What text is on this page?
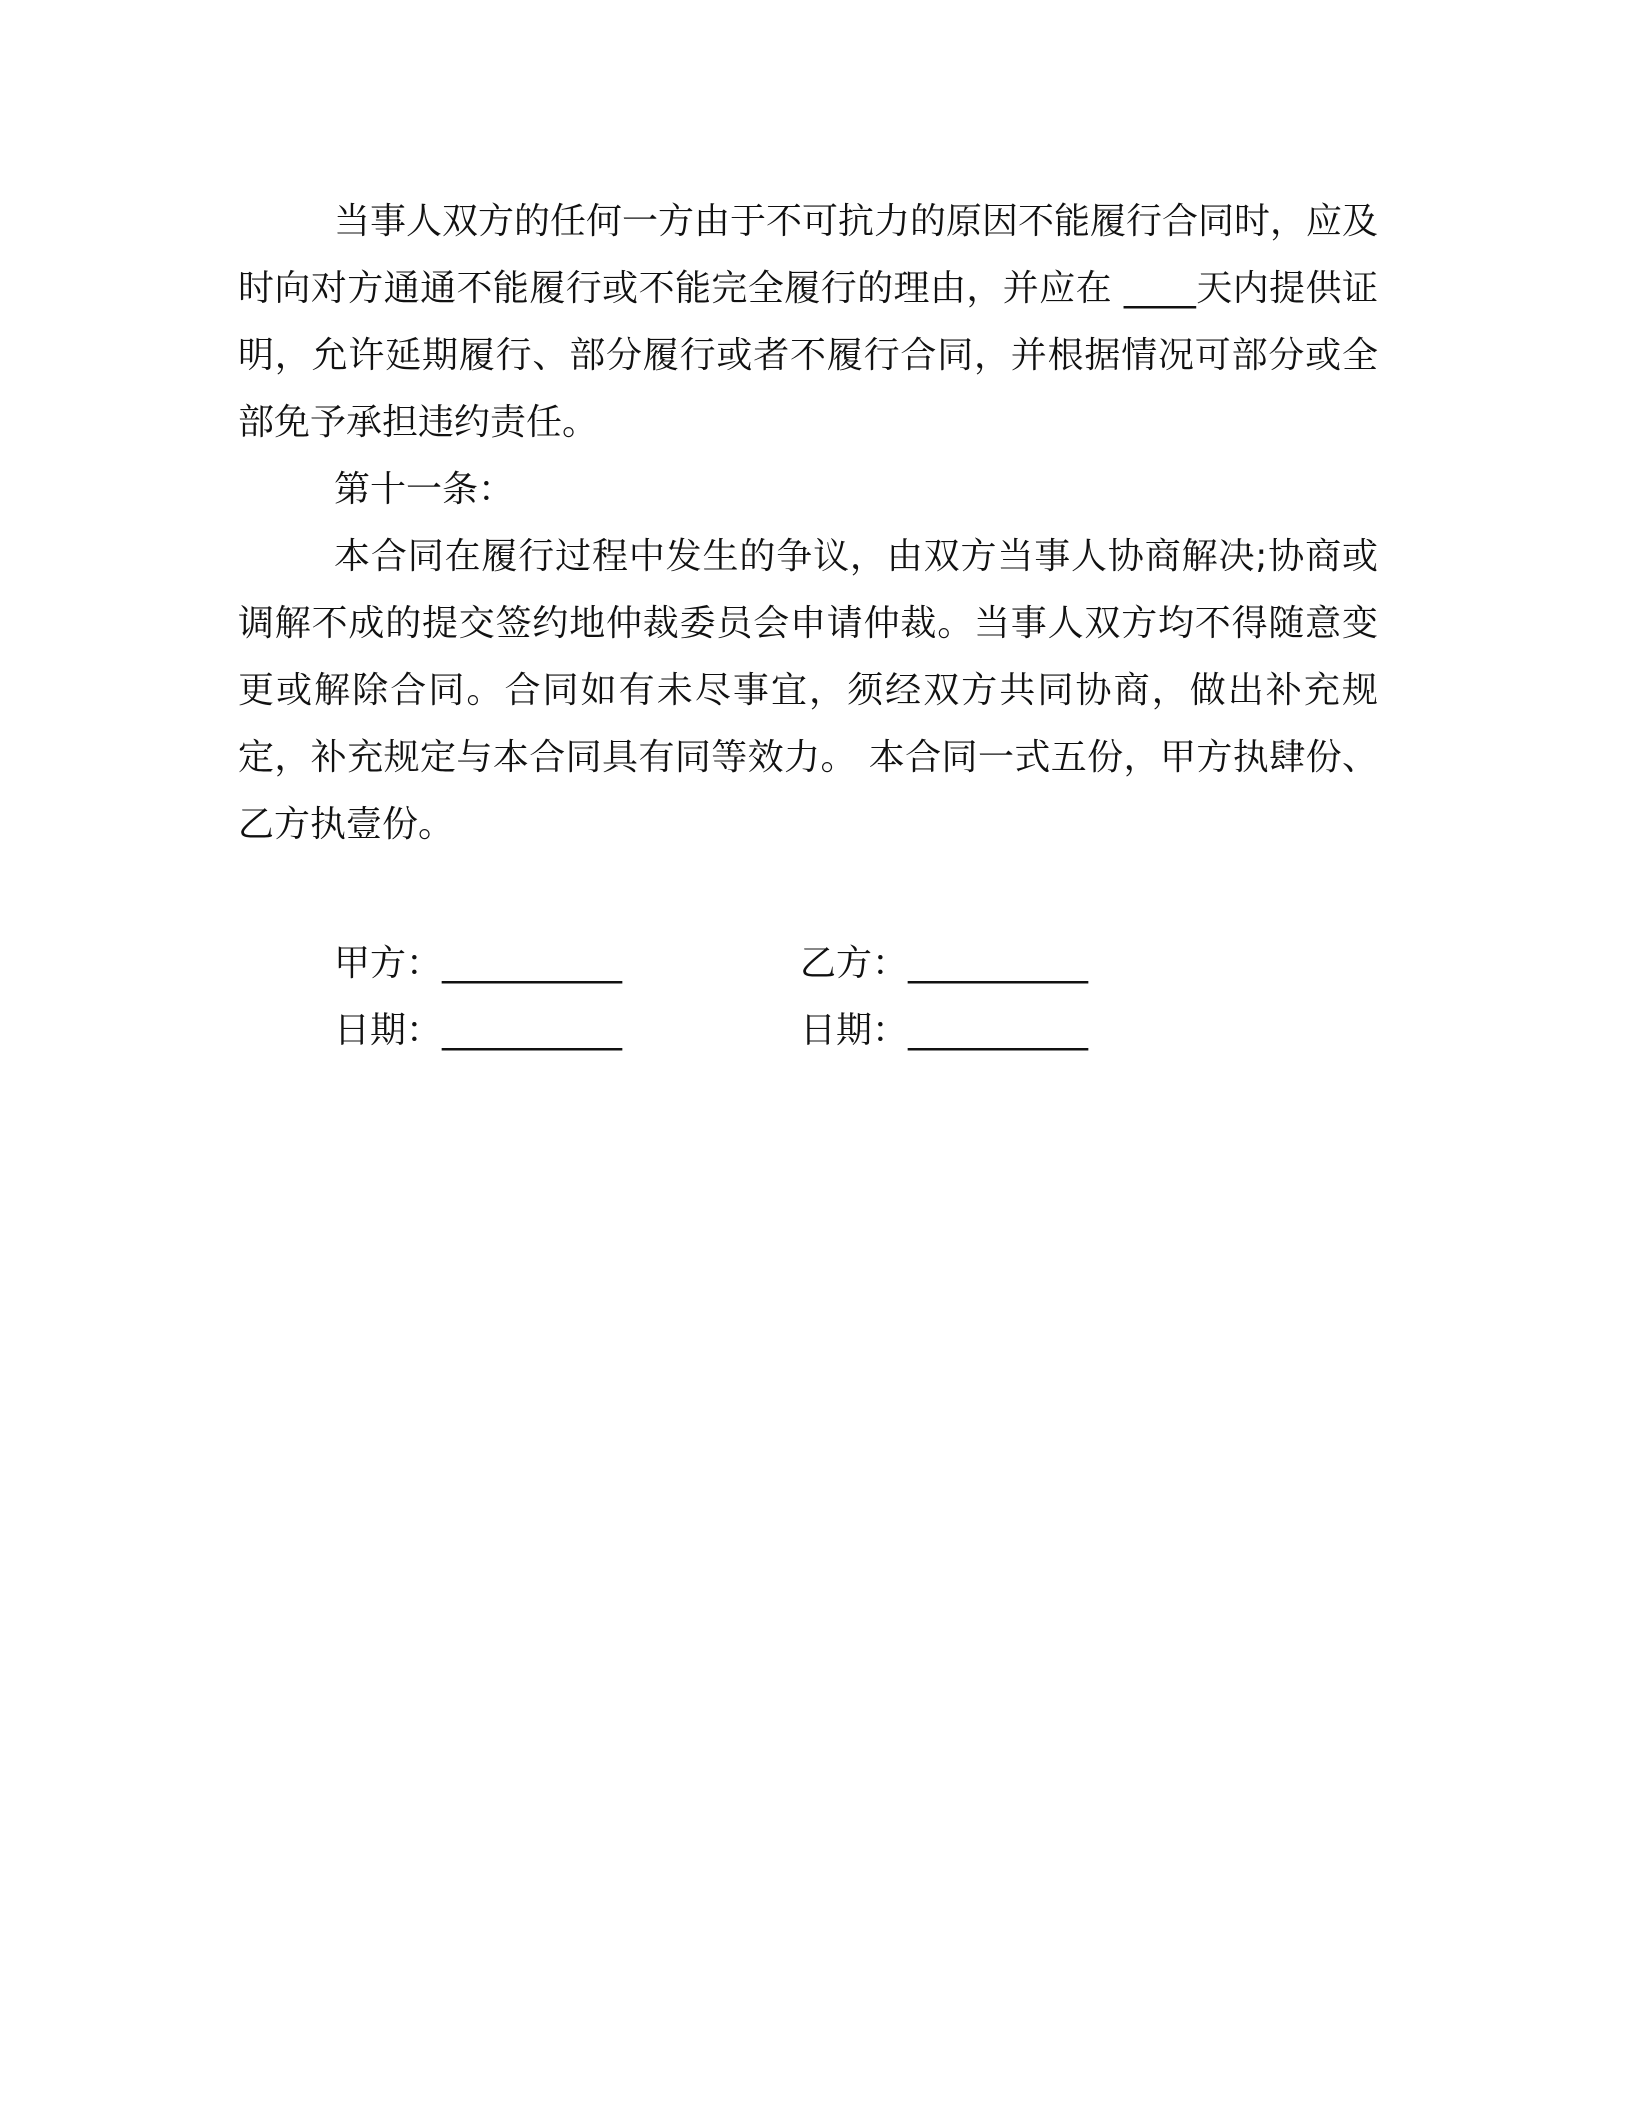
当事人双方的任何一方由于不可抗力的原因不能履行合同时，应及时向对方通通不能履行或不能完全履行的理由，并应在 ____天内提供证明，允许延期履行、部分履行或者不履行合同，并根据情况可部分或全部免予承担违约责任。

第十一条：

本合同在履行过程中发生的争议，由双方当事人协商解决;协商或调解不成的提交签约地仲裁委员会申请仲裁。当事人双方均不得随意变更或解除合同。合同如有未尽事宜，须经双方共同协商，做出补充规定，补充规定与本合同具有同等效力。 本合同一式五份，甲方执肆份、乙方执壹份。

甲方：__________	乙方：__________
日期：__________	日期：__________
